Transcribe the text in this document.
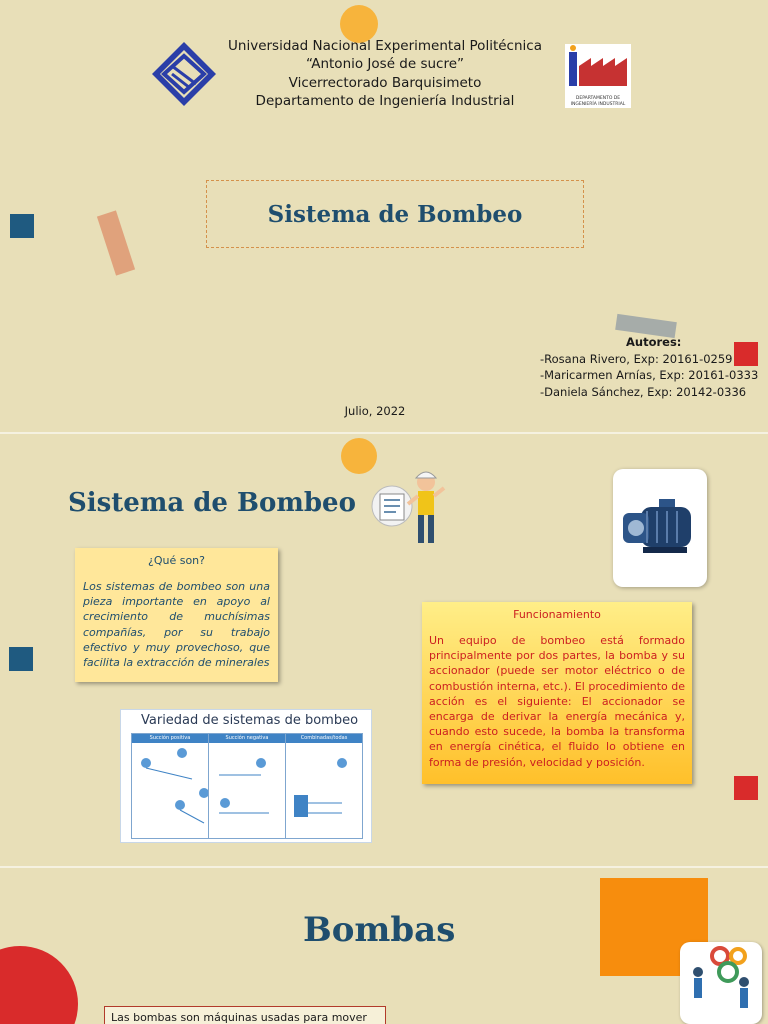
Universidad Nacional Experimental Politécnica
“Antonio José de sucre”
Vicerrectorado Barquisimeto
Departamento de Ingeniería Industrial	DEPARTAMENTO DE INGENIERÍA INDUSTRIAL
Sistema de Bombeo
Autores:
-Rosana Rivero, Exp: 20161-0259
-Maricarmen Arnías, Exp: 20161-0333
-Daniela Sánchez, Exp: 20142-0336
Julio, 2022
Sistema de Bombeo
¿Qué son?
Los sistemas de bombeo son una pieza importante en apoyo al crecimiento de muchísimas compañías, por su trabajo efectivo y muy provechoso, que facilita la extracción de minerales
Funcionamiento
Un equipo de bombeo está formado principalmente por dos partes, la bomba y su accionador (puede ser motor eléctrico o de combustión interna, etc.). El procedimiento de acción es el siguiente: El accionador se encarga de derivar la energía mecánica y, cuando esto sucede, la bomba la transforma en energía cinética, el fluido lo obtiene en forma de presión, velocidad y posición.
Variedad de sistemas de bombeo
Succión positiva	Succión negativa	Combinadas/todas
Bombas
Las bombas son máquinas usadas para mover
